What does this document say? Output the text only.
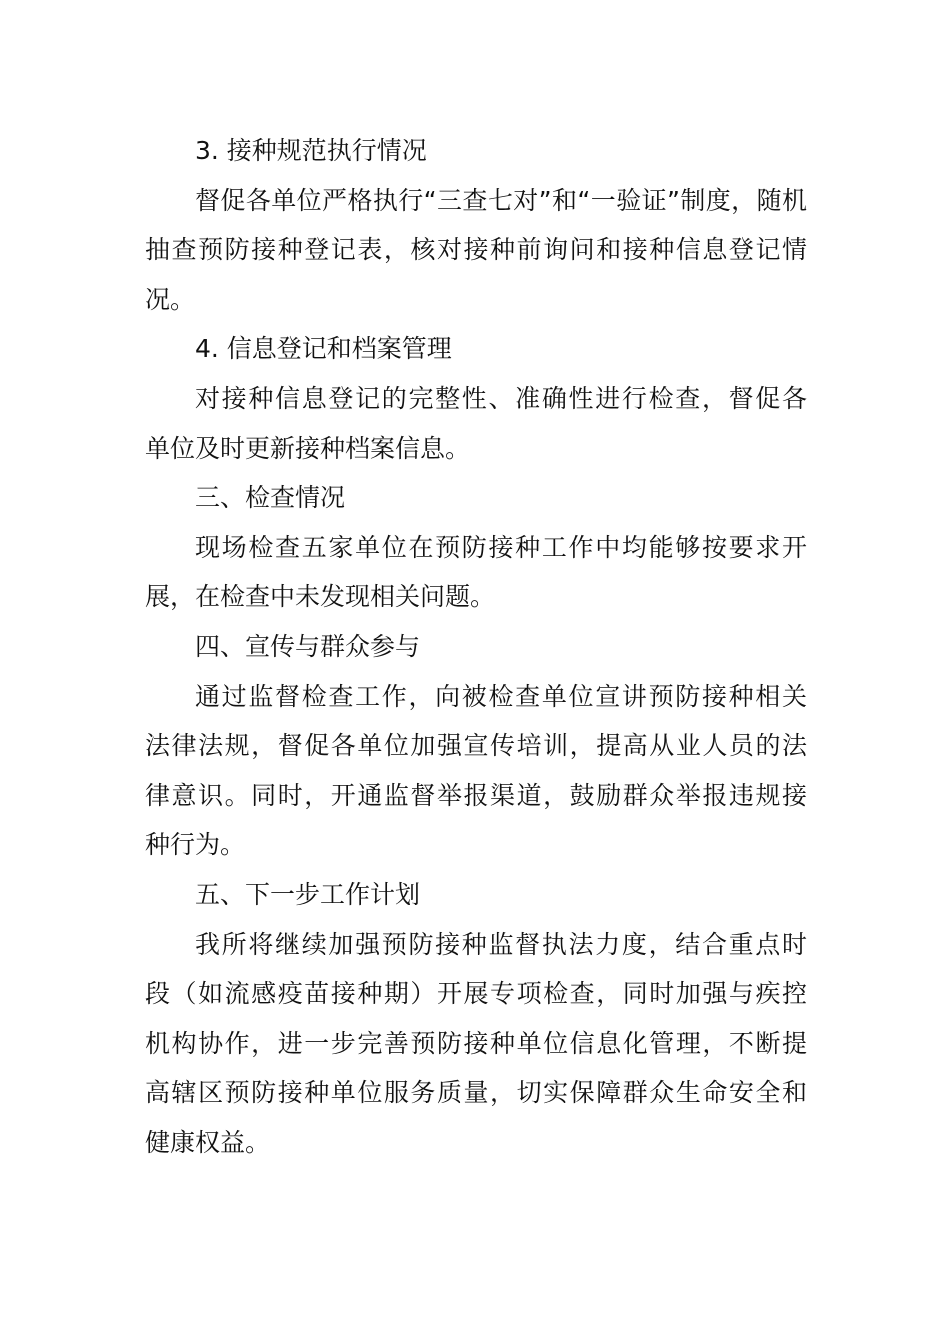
3. 接种规范执行情况
督促各单位严格执行“三查七对”和“一验证”制度，随机
抽查预防接种登记表，核对接种前询问和接种信息登记情
况。
4. 信息登记和档案管理
对接种信息登记的完整性、准确性进行检查，督促各
单位及时更新接种档案信息。
三、检查情况
现场检查五家单位在预防接种工作中均能够按要求开
展，在检查中未发现相关问题。
四、宣传与群众参与
通过监督检查工作，向被检查单位宣讲预防接种相关
法律法规，督促各单位加强宣传培训，提高从业人员的法
律意识。同时，开通监督举报渠道，鼓励群众举报违规接
种行为。
五、下一步工作计划
我所将继续加强预防接种监督执法力度，结合重点时
段（如流感疫苗接种期）开展专项检查，同时加强与疾控
机构协作，进一步完善预防接种单位信息化管理，不断提
高辖区预防接种单位服务质量，切实保障群众生命安全和
健康权益。
